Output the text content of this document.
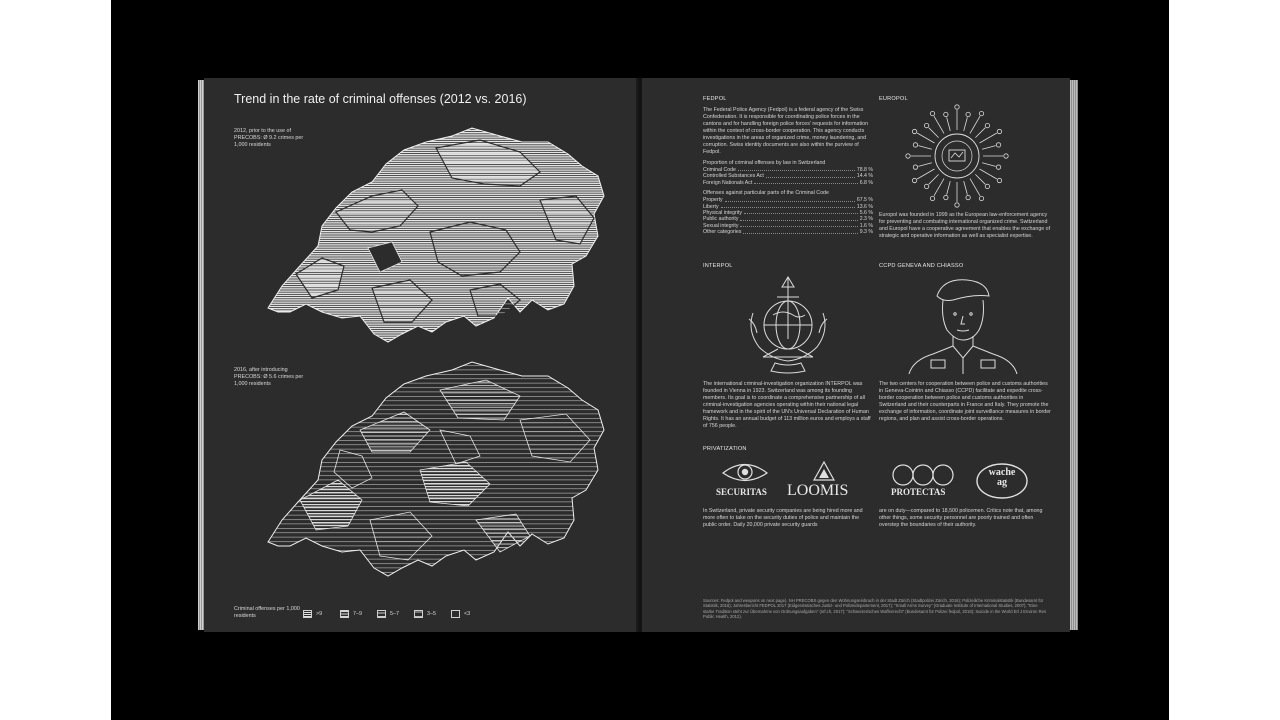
Trend in the rate of criminal offenses (2012 vs. 2016)
2012, prior to the use of PRECOBS: Ø 9.2 crimes per 1,000 residents
2016, after introducing PRECOBS: Ø 5.6 crimes per 1,000 residents
Criminal offenses per 1,000 residents	>9	7–9	5–7	3–5	<3
FEDPOL
The Federal Police Agency (Fedpol) is a federal agency of the Swiss Confederation. It is responsible for coordinating police forces in the cantons and for handling foreign police forces' requests for information within the context of cross-border cooperation. This agency conducts investigations in the areas of organized crime, money laundering, and corruption. Swiss identity documents are also within the purview of Fedpol.
Proportion of criminal offenses by law in Switzerland
Criminal Code	78.8 %
Controlled Substances Act	14.4 %
Foreign Nationals Act	6.8 %
Offenses against particular parts of the Criminal Code
Property	67.5 %
Liberty	13.6 %
Physical integrity	5.6 %
Public authority	2.3 %
Sexual integrity	1.6 %
Other categories	9.3 %
EUROPOL
Europol was founded in 1999 as the European law-enforcement agency for preventing and combating international organized crime. Switzerland and Europol have a cooperative agreement that enables the exchange of strategic and operative information as well as specialist expertise.
INTERPOL
The international criminal-investigation organization INTERPOL was founded in Vienna in 1923. Switzerland was among its founding members. Its goal is to coordinate a comprehensive partnership of all criminal-investigation agencies operating within their national legal framework and in the spirit of the UN's Universal Declaration of Human Rights. It has an annual budget of 113 million euros and employs a staff of 756 people.
CCPD GENEVA AND CHIASSO
The two centers for cooperation between police and customs authorities in Geneva-Cointrin and Chiasso (CCPD) facilitate and expedite cross-border cooperation between police and customs authorities in Switzerland and their counterparts in France and Italy. They promote the exchange of information, coordinate joint surveillance measures in border regions, and plan and assist cross-border operations.
PRIVATIZATION
SECURITAS LOOMIS	PROTECTAS
wache ag
In Switzerland, private security companies are being hired more and more often to take on the security duties of police and maintain the public order. Daily 20,000 private security guards
are on duty—compared to 18,500 policemen. Critics note that, among other things, some security personnel are poorly trained and often overstep the boundaries of their authority.
Sources: Fedpol and weapons on next page). NH PRECOBS gegen den Wohnungseinbruch in der Stadt Zürich (Stadtpolizei Zürich, 2016); Polizeiliche Kriminalstatistik (Bundesamt für Statistik, 2016); Jahresbericht FEDPOL 2017 (Eidgenössisches Justiz- und Polizeidepartement, 2017); "Small Arms Survey" (Graduate Institute of International Studies, 2007); "Eine starke Tradition steht zur Übernahme von Ordnungsaufgaben" (srf.ch, 2017); "Schweizerisches Waffenrecht" (Bundesamt für Polizei fedpol, 2018); Suicide in the World Erl J Environ Res Public Health, 2012).
